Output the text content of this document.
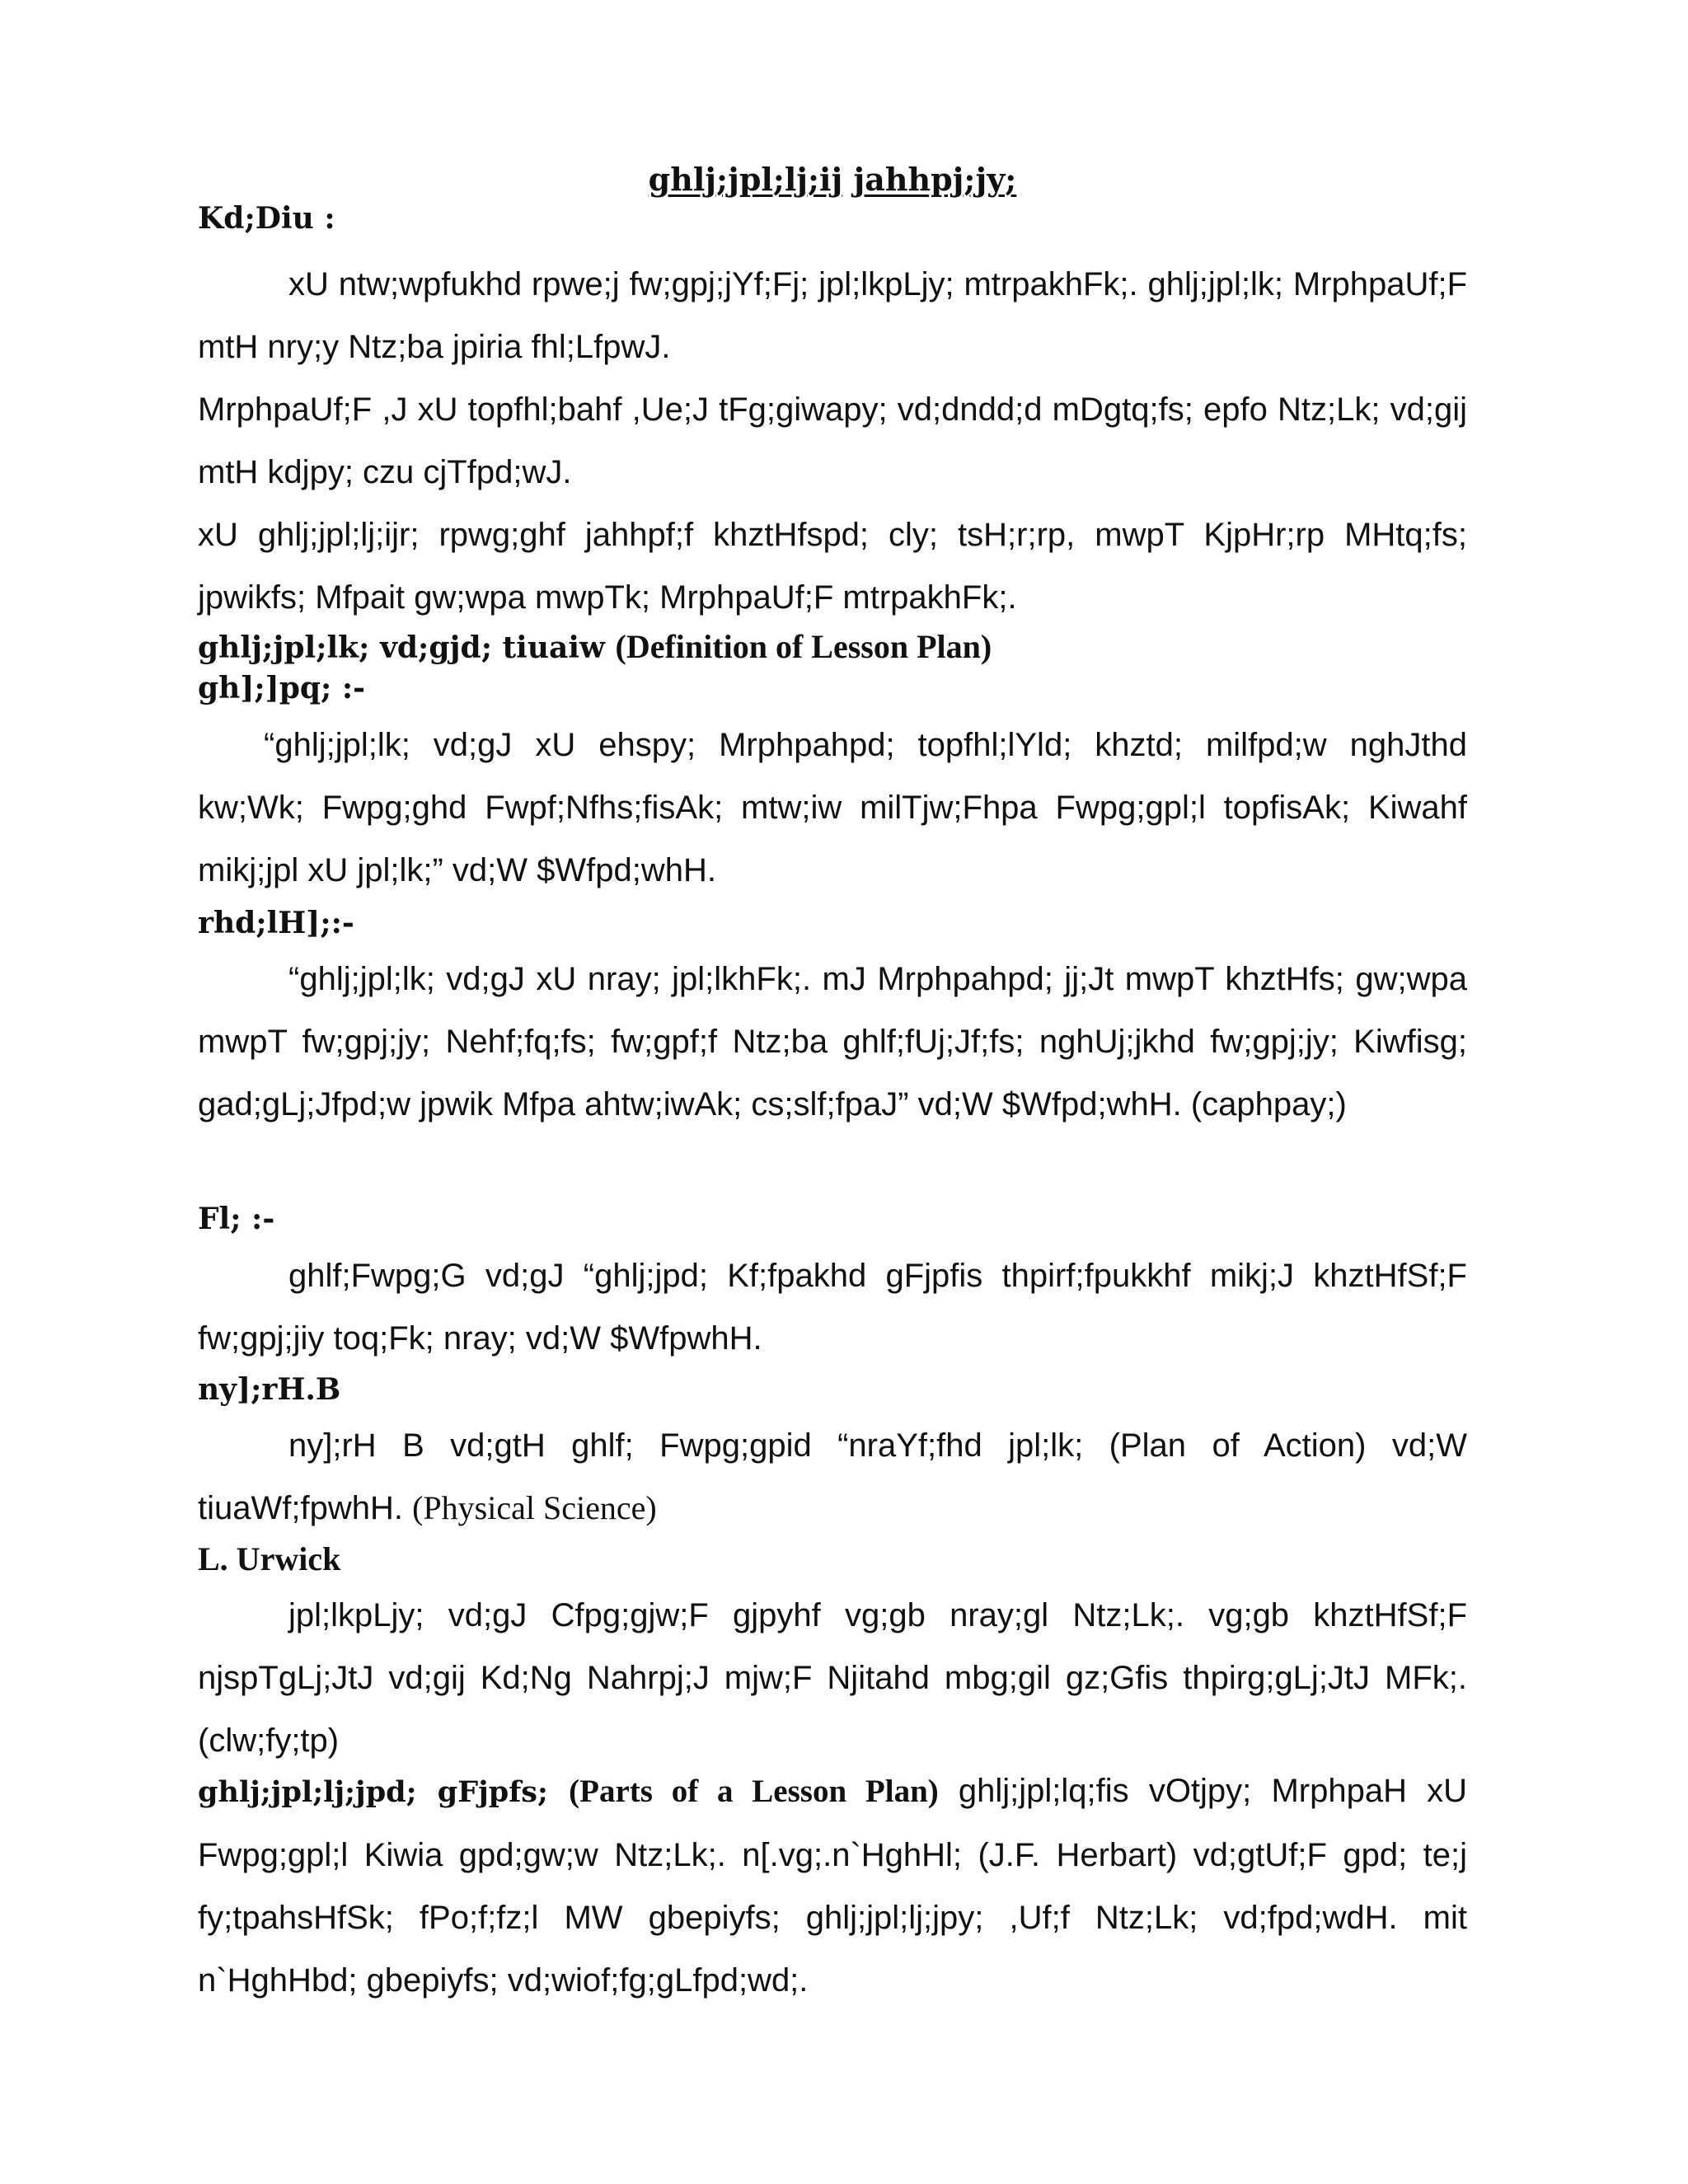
ghlj;jpl;lj;ij jahhpj;jy;
Kd;Diu :
xU ntw;wpfukhd rpwe;j fw;gpj;jYf;Fj; jpl;lkpLjy; mtrpakhFk;. ghlj;jpl;lk; MrphpaUf;F mtH nry;y Ntz;ba jpiria fhl;LfpwJ.
MrphpaUf;F ,J xU topfhl;bahf ,Ue;J tFg;giwapy; vd;dndd;d mDgtq;fs; epfo Ntz;Lk; vd;gij mtH kdjpy; czu cjTfpd;wJ.
xU ghlj;jpl;lj;ijr; rpwg;ghf jahhpf;f khztHfspd; cly; tsH;r;rp, mwpT KjpHr;rp MHtq;fs; jpwikfs; Mfpait gw;wpa mwpTk; MrphpaUf;F mtrpakhFk;.
ghlj;jpl;lk; vd;gjd; tiuaiw (Definition of Lesson Plan)
gh];]pq; :-
“ghlj;jpl;lk; vd;gJ xU ehspy; Mrphpahpd; topfhl;lYld; khztd; milfpd;w nghJthd kw;Wk; Fwpg;ghd Fwpf;Nfhs;fisAk; mtw;iw milTjw;Fhpa Fwpg;gpl;l topfisAk; Kiwahf mikj;jpl xU jpl;lk;” vd;W $Wfpd;whH.
rhd;lH];:-
“ghlj;jpl;lk; vd;gJ xU nray; jpl;lkhFk;. mJ Mrphpahpd; jj;Jt mwpT khztHfs; gw;wpa mwpT fw;gpj;jy; Nehf;fq;fs; fw;gpf;f Ntz;ba ghlf;fUj;Jf;fs; nghUj;jkhd fw;gpj;jy; Kiwfisg; gad;gLj;Jfpd;w jpwik Mfpa ahtw;iwAk; cs;slf;fpaJ” vd;W $Wfpd;whH. (caphpay;)
Fl; :-
ghlf;Fwpg;G vd;gJ “ghlj;jpd; Kf;fpakhd gFjpfis thpirf;fpukkhf mikj;J khztHfSf;F fw;gpj;jiy toq;Fk; nray; vd;W $WfpwhH.
ny];rH.B
ny];rH B vd;gtH ghlf; Fwpg;gpid “nraYf;fhd jpl;lk; (Plan of Action) vd;W tiuaWf;fpwhH. (Physical Science)
L. Urwick
jpl;lkpLjy; vd;gJ Cfpg;gjw;F gjpyhf vg;gb nray;gl Ntz;Lk;. vg;gb khztHfSf;F njspTgLj;JtJ vd;gij Kd;Ng Nahrpj;J mjw;F Njitahd mbg;gil gz;Gfis thpirg;gLj;JtJ MFk;. (clw;fy;tp)
ghlj;jpl;lj;jpd; gFjpfs; (Parts of a Lesson Plan) ghlj;jpl;lq;fis vOtjpy; MrphpaH xU Fwpg;gpl;l Kiwia gpd;gw;w Ntz;Lk;. n[.vg;.n`HghHl; (J.F. Herbart) vd;gtUf;F gpd; te;j fy;tpahsHfSk; fPo;f;fz;l MW gbepiyfs; ghlj;jpl;lj;jpy; ,Uf;f Ntz;Lk; vd;fpd;wdH. mit n`HghHbd; gbepiyfs; vd;wiof;fg;gLfpd;wd;.
